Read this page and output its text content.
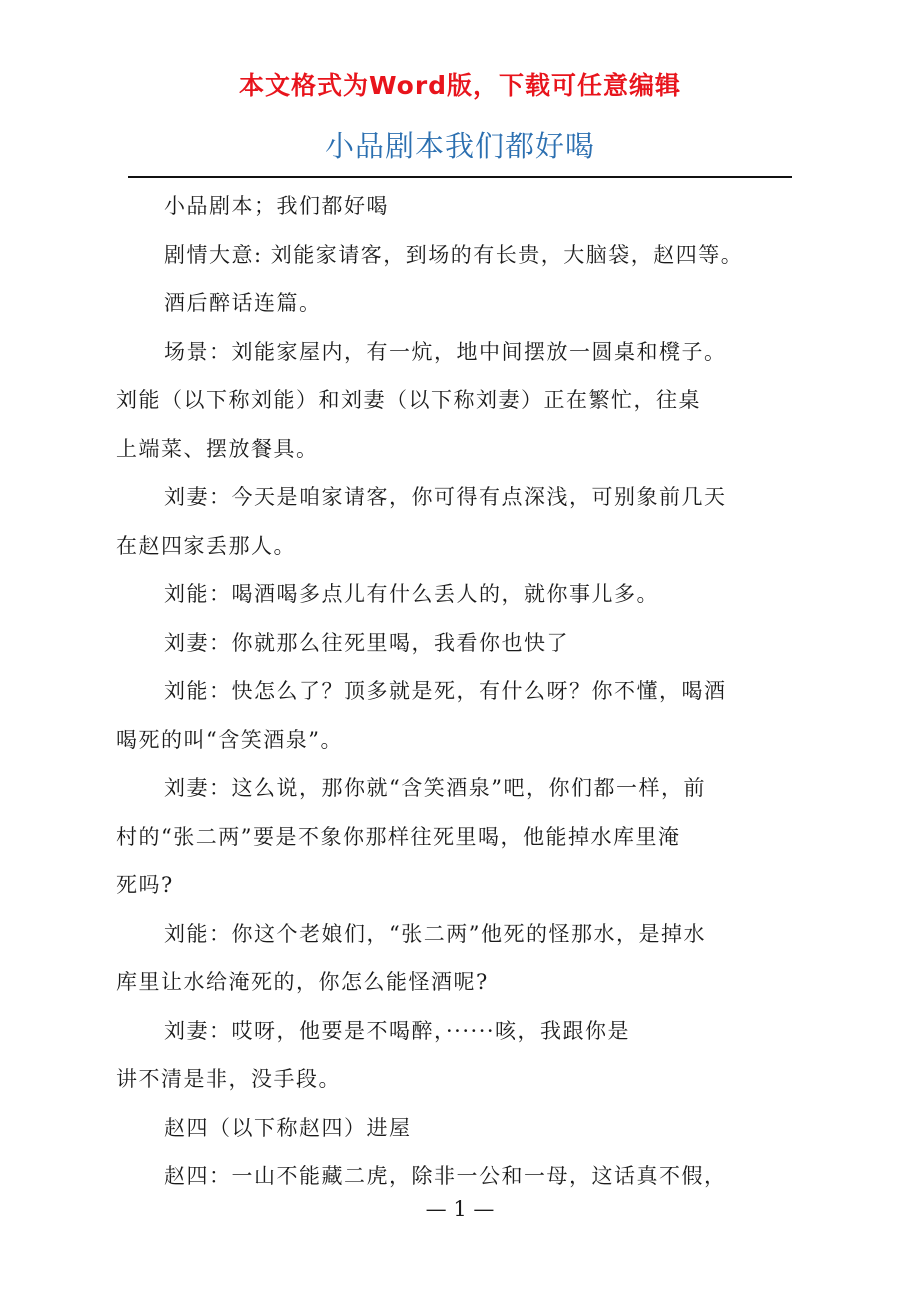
本文格式为Word版，下载可任意编辑
小品剧本我们都好喝

小品剧本；我们都好喝

剧情大意: 刘能家请客，到场的有长贵，大脑袋，赵四等。

酒后醉话连篇。

场景：刘能家屋内，有一炕，地中间摆放一圆桌和櫈子。
刘能（以下称刘能）和刘妻（以下称刘妻）正在繁忙，往桌
上端菜、摆放餐具。

刘妻：今天是咱家请客，你可得有点深浅，可别象前几天
在赵四家丢那人。

刘能：喝酒喝多点儿有什么丢人的，就你事儿多。

刘妻：你就那么往死里喝，我看你也快了

刘能：快怎么了？顶多就是死，有什么呀？你不懂，喝酒
喝死的叫“含笑酒泉”。

刘妻：这么说，那你就“含笑酒泉”吧，你们都一样，前
村的“张二两”要是不象你那样往死里喝，他能掉水库里淹
死吗?

刘能：你这个老娘们，“张二两”他死的怪那水，是掉水
库里让水给淹死的，你怎么能怪酒呢?

刘妻：哎呀，他要是不喝醉，······咳，我跟你是
讲不清是非，没手段。

赵四（以下称赵四）进屋

赵四：一山不能藏二虎，除非一公和一母，这话真不假，

— 1 —
